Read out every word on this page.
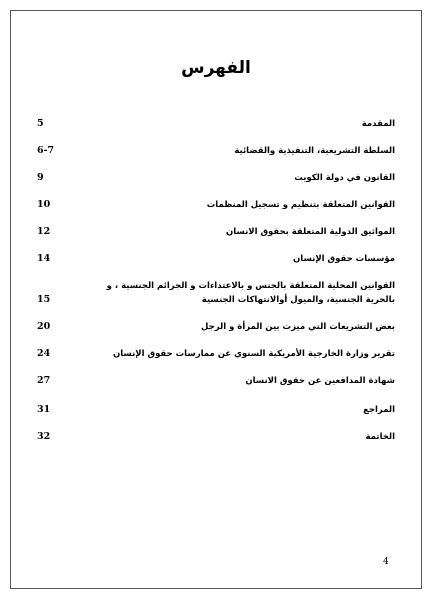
الفهرس
المقدمة
5
السلطة التشريعية، التنفيذية والقضائية
6-7
القانون في دولة الكويت
9
القوانين المتعلقة بتنظيم و تسجيل المنظمات
10
المواثيق الدولية المتعلقة بحقوق الانسان
12
مؤسسات حقوق الإنسان
14
القوانين المحلية المتعلقة بالجنس و بالاعتداءات و الجرائم الجنسية ، و بالحرية الجنسية، والميول أوالانتهاكات الجنسية
15
بعض التشريعات التي ميزت بين المرأة و الرجل
20
تقرير وزارة الخارجية الأمريكية السنوي عن ممارسات حقوق الإنسان
24
شهادة المدافعين عن حقوق الانسان
27
المراجع
31
الخاتمة
32
4
